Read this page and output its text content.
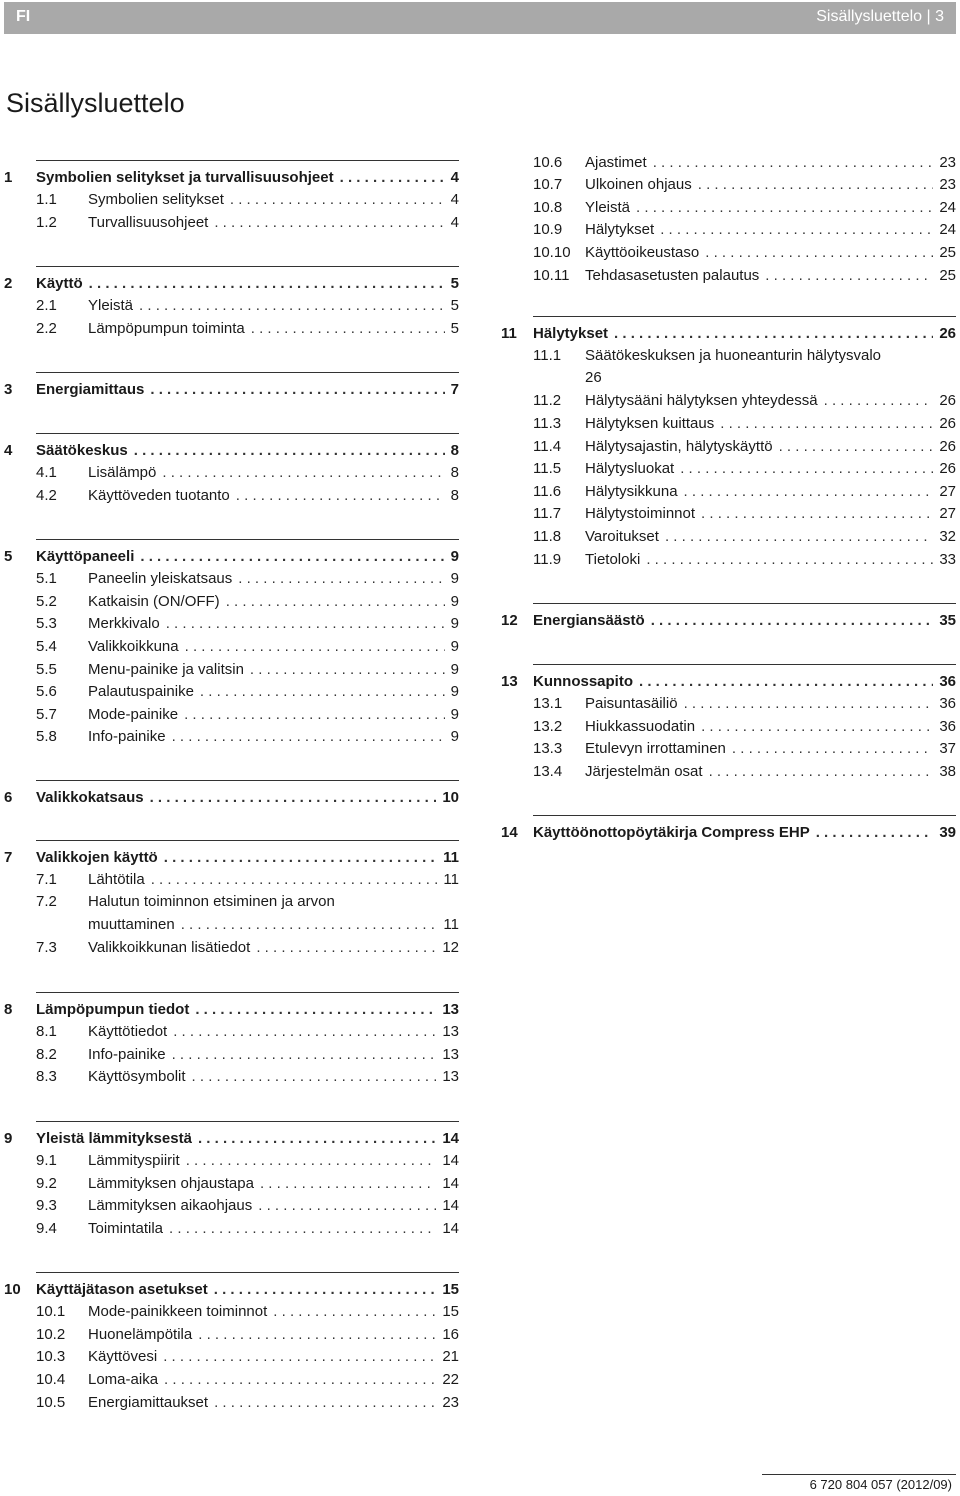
FI	Sisällysluettelo | 3
Sisällysluettelo
1	Symbolien selitykset ja turvallisuusohjeet . . .	4
1.1	Symbolien selitykset . . .	4
1.2	Turvallisuusohjeet . . .	4
2	Käyttö . . .	5
2.1	Yleistä . . .	5
2.2	Lämpöpumpun toiminta . . .	5
3	Energiamittaus . . .	7
4	Säätökeskus . . .	8
4.1	Lisälämpö . . .	8
4.2	Käyttöveden tuotanto . . .	8
5	Käyttöpaneeli . . .	9
5.1	Paneelin yleiskatsaus . . .	9
5.2	Katkaisin (ON/OFF) . . .	9
5.3	Merkkivalo . . .	9
5.4	Valikkoikkuna . . .	9
5.5	Menu-painike ja valitsin . . .	9
5.6	Palautuspainike . . .	9
5.7	Mode-painike . . .	9
5.8	Info-painike . . .	9
6	Valikkokatsaus . . .	10
7	Valikkojen käyttö . . .	11
7.1	Lähtötila . . .	11
7.2	Halutun toiminnon etsiminen ja arvon
muuttaminen . . .	11
7.3	Valikkoikkunan lisätiedot . . .	12
8	Lämpöpumpun tiedot . . .	13
8.1	Käyttötiedot . . .	13
8.2	Info-painike . . .	13
8.3	Käyttösymbolit . . .	13
9	Yleistä lämmityksestä . . .	14
9.1	Lämmityspiirit . . .	14
9.2	Lämmityksen ohjaustapa . . .	14
9.3	Lämmityksen aikaohjaus . . .	14
9.4	Toimintatila . . .	14
10	Käyttäjätason asetukset . . .	15
10.1	Mode-painikkeen toiminnot . . .	15
10.2	Huonelämpötila . . .	16
10.3	Käyttövesi . . .	21
10.4	Loma-aika . . .	22
10.5	Energiamittaukset . . .	23
10.6	Ajastimet . . .	23
10.7	Ulkoinen ohjaus . . .	23
10.8	Yleistä . . .	24
10.9	Hälytykset . . .	24
10.10 Käyttöoikeustaso . . .	25
10.11	Tehdasasetusten palautus . . .	25
11	Hälytykset . . .	26
11.1	Säätökeskuksen ja huoneanturin hälytysvalo
26
11.2	Hälytysääni hälytyksen yhteydessä . . .	26
11.3	Hälytyksen kuittaus . . .	26
11.4	Hälytysajastin, hälytyskäyttö . . .	26
11.5	Hälytysluokat . . .	26
11.6	Hälytysikkuna . . .	27
11.7	Hälytystoiminnot . . .	27
11.8	Varoitukset . . .	32
11.9	Tietoloki . . .	33
12	Energiansäästö . . .	35
13	Kunnossapito . . .	36
13.1	Paisuntasäiliö . . .	36
13.2	Hiukkassuodatin . . .	36
13.3	Etulevyn irrottaminen . . .	37
13.4	Järjestelmän osat . . .	38
14	Käyttöönottopöytäkirja Compress EHP . . .	39
6 720 804 057 (2012/09)
